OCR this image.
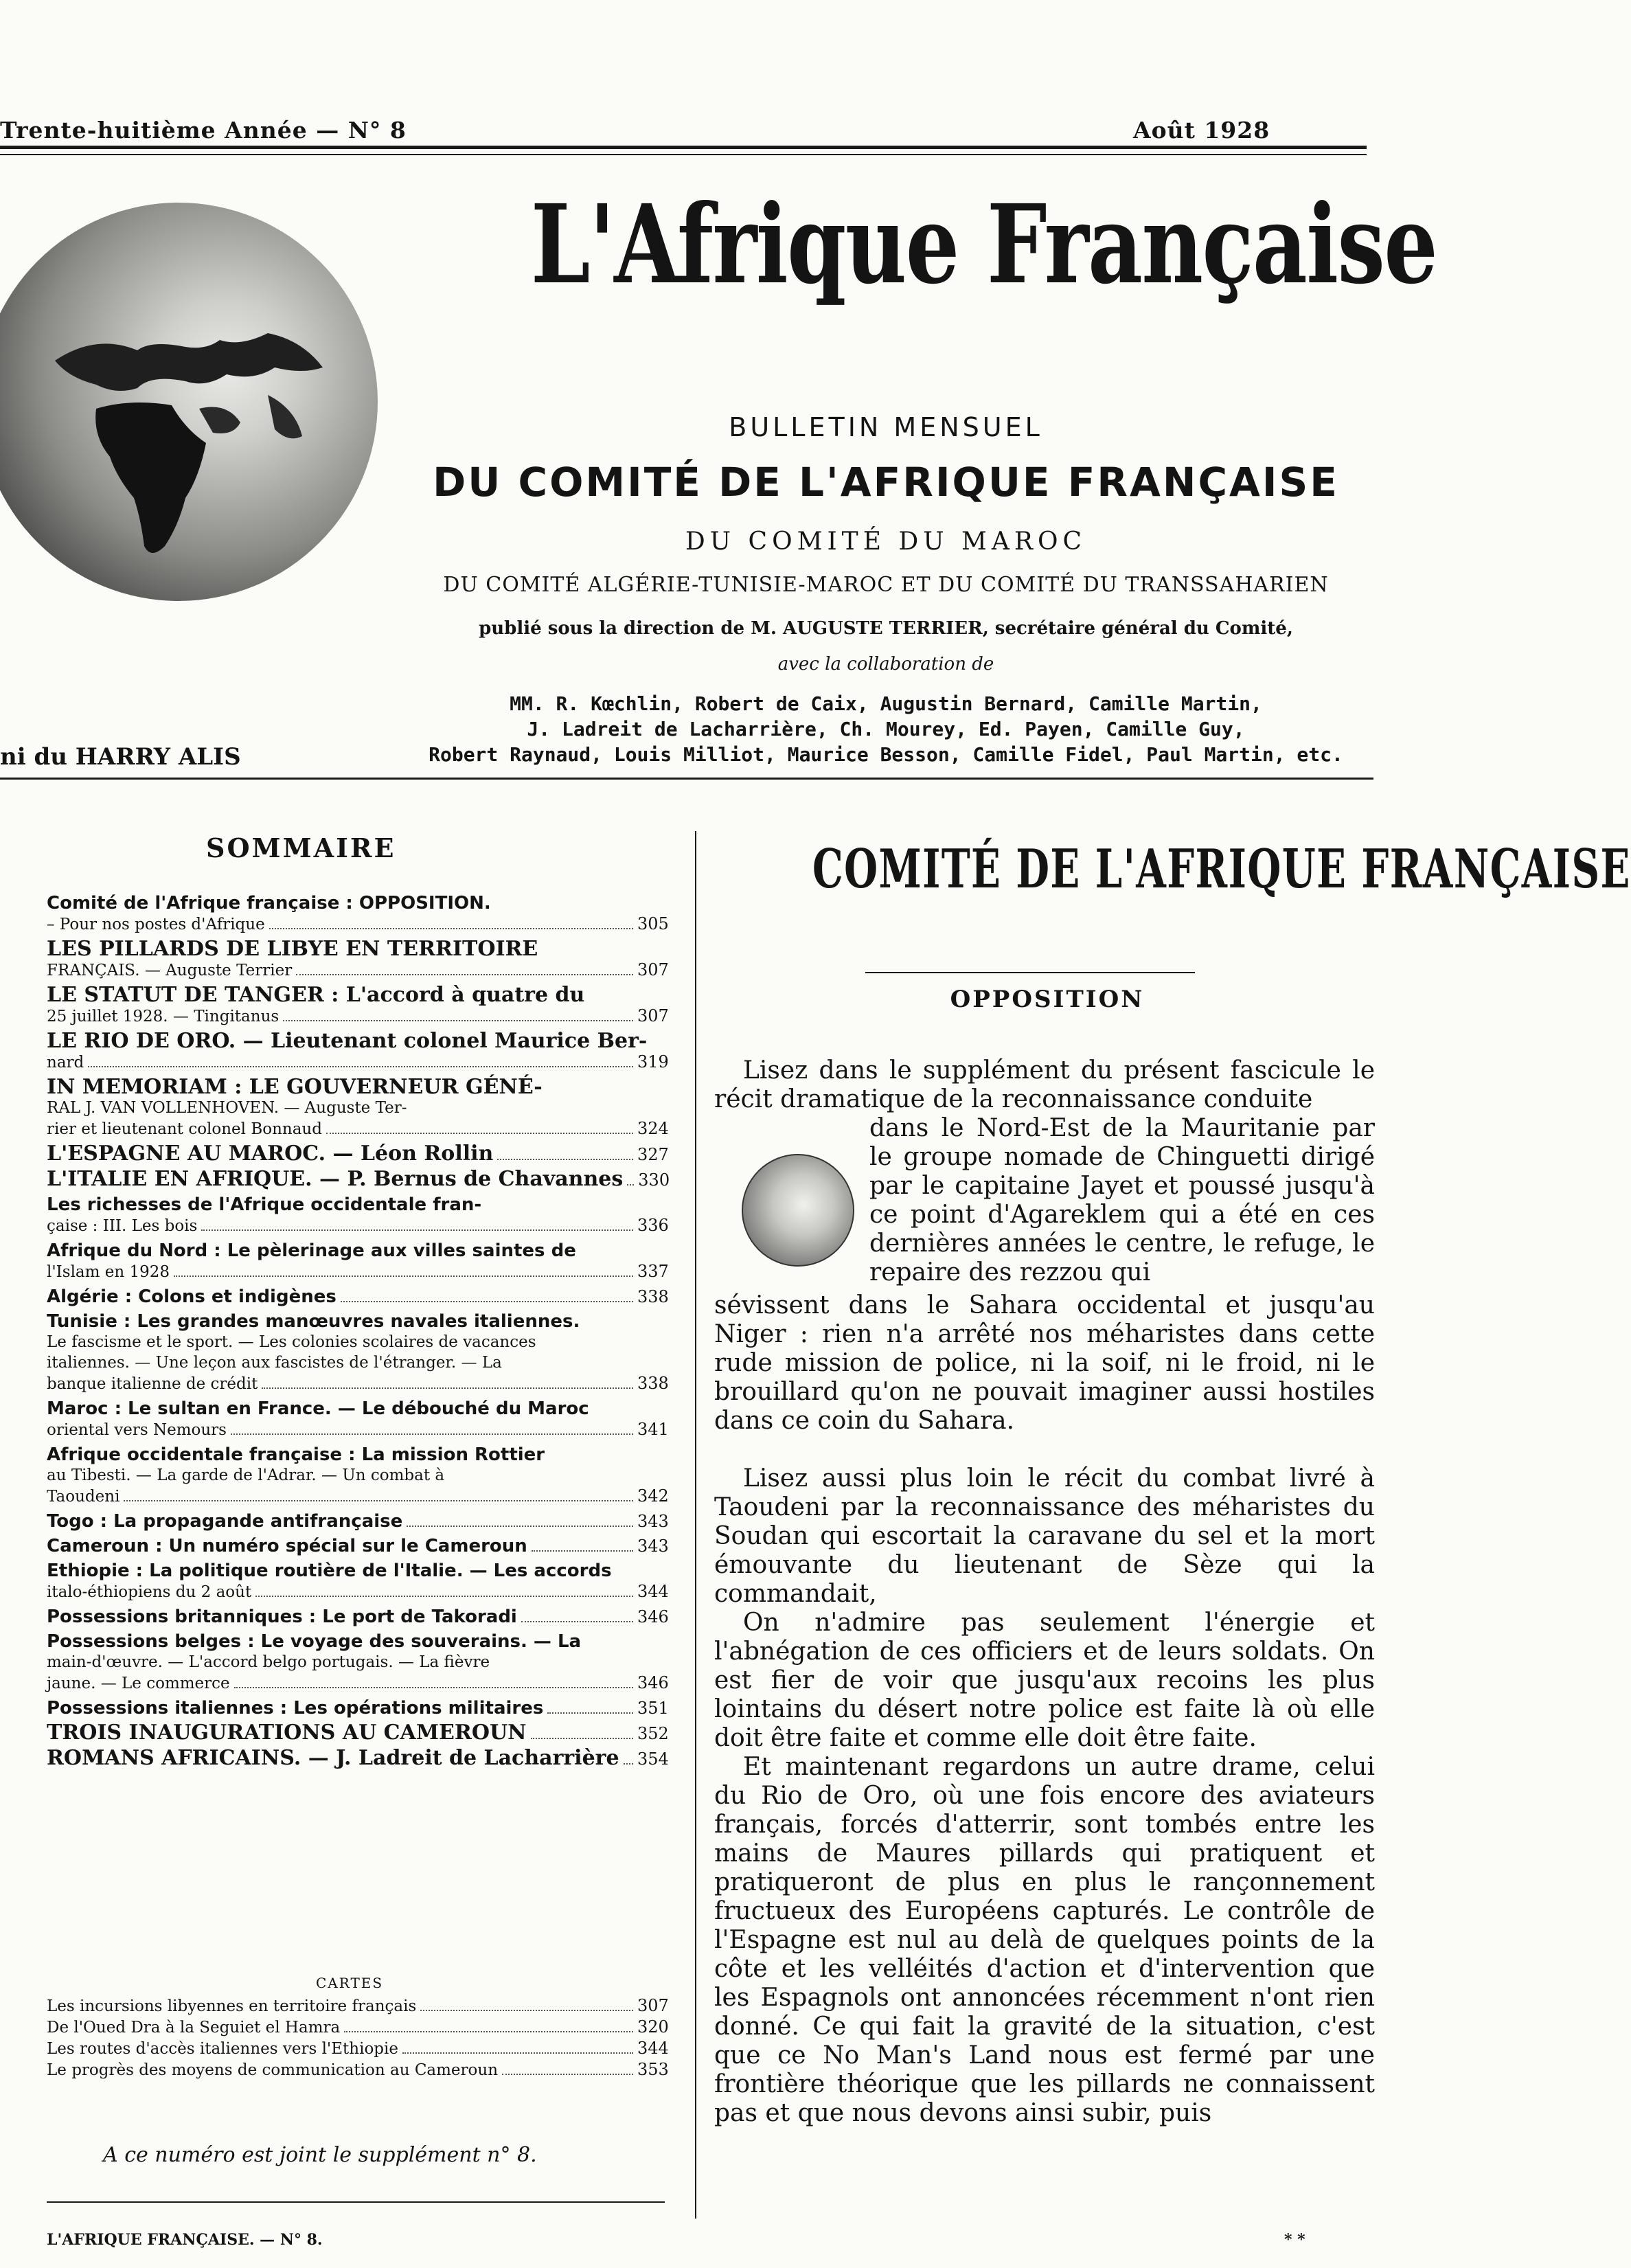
Trente-huitième Année — N° 8	Août 1928
ni du HARRY ALIS
L'Afrique Française
BULLETIN MENSUEL
DU COMITÉ DE L'AFRIQUE FRANÇAISE
DU COMITÉ DU MAROC
DU COMITÉ ALGÉRIE-TUNISIE-MAROC ET DU COMITÉ DU TRANSSAHARIEN
publié sous la direction de M. AUGUSTE TERRIER, secrétaire général du Comité,
avec la collaboration de
MM. R. Kœchlin, Robert de Caix, Augustin Bernard, Camille Martin,
J. Ladreit de Lacharrière, Ch. Mourey, Ed. Payen, Camille Guy,
Robert Raynaud, Louis Milliot, Maurice Besson, Camille Fidel, Paul Martin, etc.
SOMMAIRE
Comité de l'Afrique française : OPPOSITION.
– Pour nos postes d'Afrique	305
LES PILLARDS DE LIBYE EN TERRITOIRE
FRANÇAIS. — Auguste Terrier	307
LE STATUT DE TANGER : L'accord à quatre du
25 juillet 1928. — Tingitanus	307
LE RIO DE ORO. — Lieutenant colonel Maurice Ber-
nard	319
IN MEMORIAM : LE GOUVERNEUR GÉNÉ-
RAL J. VAN VOLLENHOVEN. — Auguste Ter-
rier et lieutenant colonel Bonnaud	324
L'ESPAGNE AU MAROC. — Léon Rollin	327
L'ITALIE EN AFRIQUE. — P. Bernus de Chavannes 330
Les richesses de l'Afrique occidentale fran-
çaise : III. Les bois	336
Afrique du Nord : Le pèlerinage aux villes saintes de
l'Islam en 1928	337
Algérie : Colons et indigènes	338
Tunisie : Les grandes manœuvres navales italiennes.
Le fascisme et le sport. — Les colonies scolaires de vacances
italiennes. — Une leçon aux fascistes de l'étranger. — La
banque italienne de crédit	338
Maroc : Le sultan en France. — Le débouché du Maroc
oriental vers Nemours	341
Afrique occidentale française : La mission Rottier
au Tibesti. — La garde de l'Adrar. — Un combat à
Taoudeni	342
Togo : La propagande antifrançaise	343
Cameroun : Un numéro spécial sur le Cameroun	343
Ethiopie : La politique routière de l'Italie. — Les accords
italo-éthiopiens du 2 août	344
Possessions britanniques : Le port de Takoradi	346
Possessions belges : Le voyage des souverains. — La
main-d'œuvre. — L'accord belgo portugais. — La fièvre
jaune. — Le commerce	346
Possessions italiennes : Les opérations militaires	351
TROIS INAUGURATIONS AU CAMEROUN	352
ROMANS AFRICAINS. — J. Ladreit de Lacharrière 354
CARTES
Les incursions libyennes en territoire français	307
De l'Oued Dra à la Seguiet el Hamra	320
Les routes d'accès italiennes vers l'Ethiopie	344
Le progrès des moyens de communication au Cameroun	353
A ce numéro est joint le supplément n° 8.
L'AFRIQUE FRANÇAISE. — N° 8.	* *
COMITÉ DE L'AFRIQUE FRANÇAISE
OPPOSITION
Lisez dans le supplément du présent fascicule le récit dramatique de la reconnaissance conduite
dans le Nord-Est de la Mauritanie par le groupe nomade de Chinguetti dirigé par le capitaine Jayet et poussé jusqu'à ce point d'Agareklem qui a été en ces dernières années le centre, le refuge, le repaire des rezzou qui
sévissent dans le Sahara occidental et jusqu'au Niger : rien n'a arrêté nos méharistes dans cette rude mission de police, ni la soif, ni le froid, ni le brouillard qu'on ne pouvait imaginer aussi hostiles dans ce coin du Sahara.

Lisez aussi plus loin le récit du combat livré à Taoudeni par la reconnaissance des méharistes du Soudan qui escortait la caravane du sel et la mort émouvante du lieutenant de Sèze qui la commandait,

On n'admire pas seulement l'énergie et l'abnégation de ces officiers et de leurs soldats. On est fier de voir que jusqu'aux recoins les plus lointains du désert notre police est faite là où elle doit être faite et comme elle doit être faite.

Et maintenant regardons un autre drame, celui du Rio de Oro, où une fois encore des aviateurs français, forcés d'atterrir, sont tombés entre les mains de Maures pillards qui pratiquent et pratiqueront de plus en plus le rançonnement fructueux des Européens capturés. Le contrôle de l'Espagne est nul au delà de quelques points de la côte et les velléités d'action et d'intervention que les Espagnols ont annoncées récemment n'ont rien donné. Ce qui fait la gravité de la situation, c'est que ce No Man's Land nous est fermé par une frontière théorique que les pillards ne connaissent pas et que nous devons ainsi subir, puis
